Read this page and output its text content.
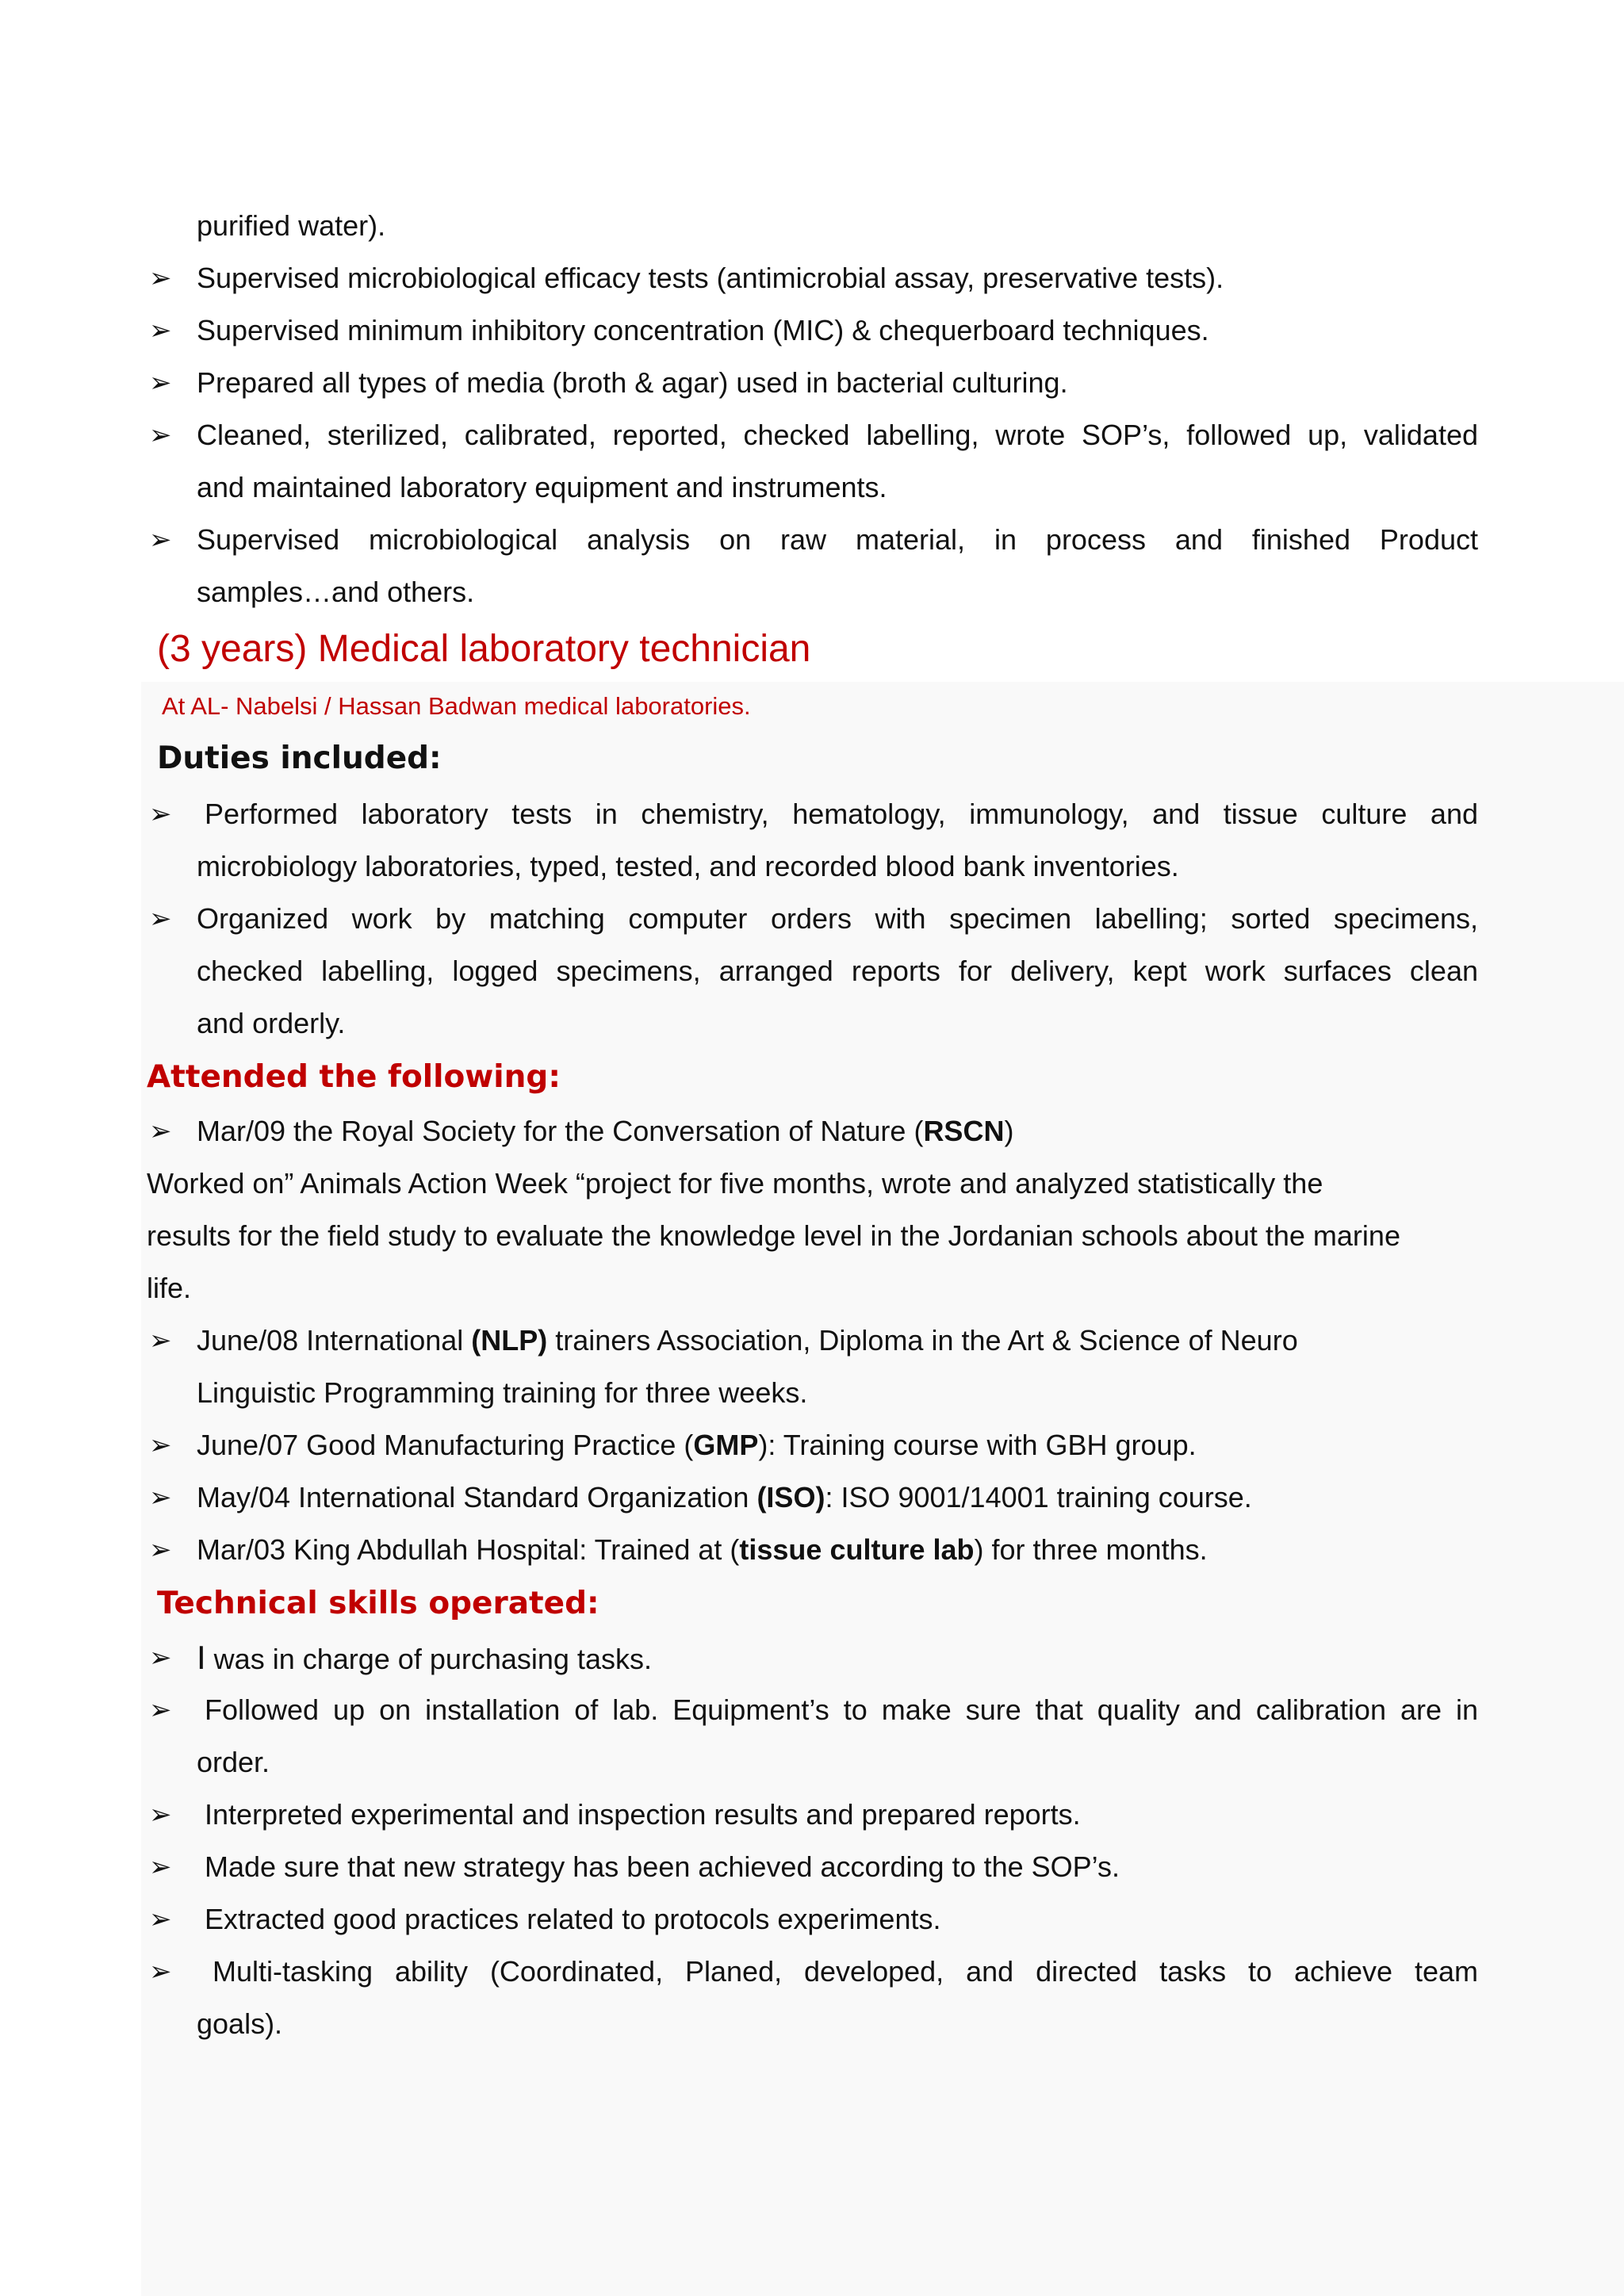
purified water).
➢ Supervised microbiological efficacy tests (antimicrobial assay, preservative tests).
➢ Supervised minimum inhibitory concentration (MIC) & chequerboard techniques.
➢ Prepared all types of media (broth & agar) used in bacterial culturing.
➢ Cleaned, sterilized, calibrated, reported, checked labelling, wrote SOP’s, followed up, validated
and maintained laboratory equipment and instruments.
➢ Supervised microbiological analysis on raw material, in process and finished Product
samples…and others.
(3 years) Medical laboratory technician
At AL- Nabelsi / Hassan Badwan medical laboratories.
Duties included:
➢ Performed laboratory tests in chemistry, hematology, immunology, and tissue culture and
microbiology laboratories, typed, tested, and recorded blood bank inventories.
➢ Organized work by matching computer orders with specimen labelling; sorted specimens,
checked labelling, logged specimens, arranged reports for delivery, kept work surfaces clean
and orderly.
Attended the following:
➢ Mar/09 the Royal Society for the Conversation of Nature (RSCN)
Worked on” Animals Action Week “project for five months, wrote and analyzed statistically the
results for the field study to evaluate the knowledge level in the Jordanian schools about the marine
life.
➢ June/08 International (NLP) trainers Association, Diploma in the Art & Science of Neuro
Linguistic Programming training for three weeks.
➢ June/07 Good Manufacturing Practice (GMP): Training course with GBH group.
➢ May/04 International Standard Organization (ISO): ISO 9001/14001 training course.
➢ Mar/03 King Abdullah Hospital: Trained at (tissue culture lab) for three months.
Technical skills operated:
➢ I was in charge of purchasing tasks.
➢ Followed up on installation of lab. Equipment’s to make sure that quality and calibration are in
order.
➢ Interpreted experimental and inspection results and prepared reports.
➢ Made sure that new strategy has been achieved according to the SOP’s.
➢ Extracted good practices related to protocols experiments.
➢ Multi-tasking ability (Coordinated, Planed, developed, and directed tasks to achieve team
goals).
